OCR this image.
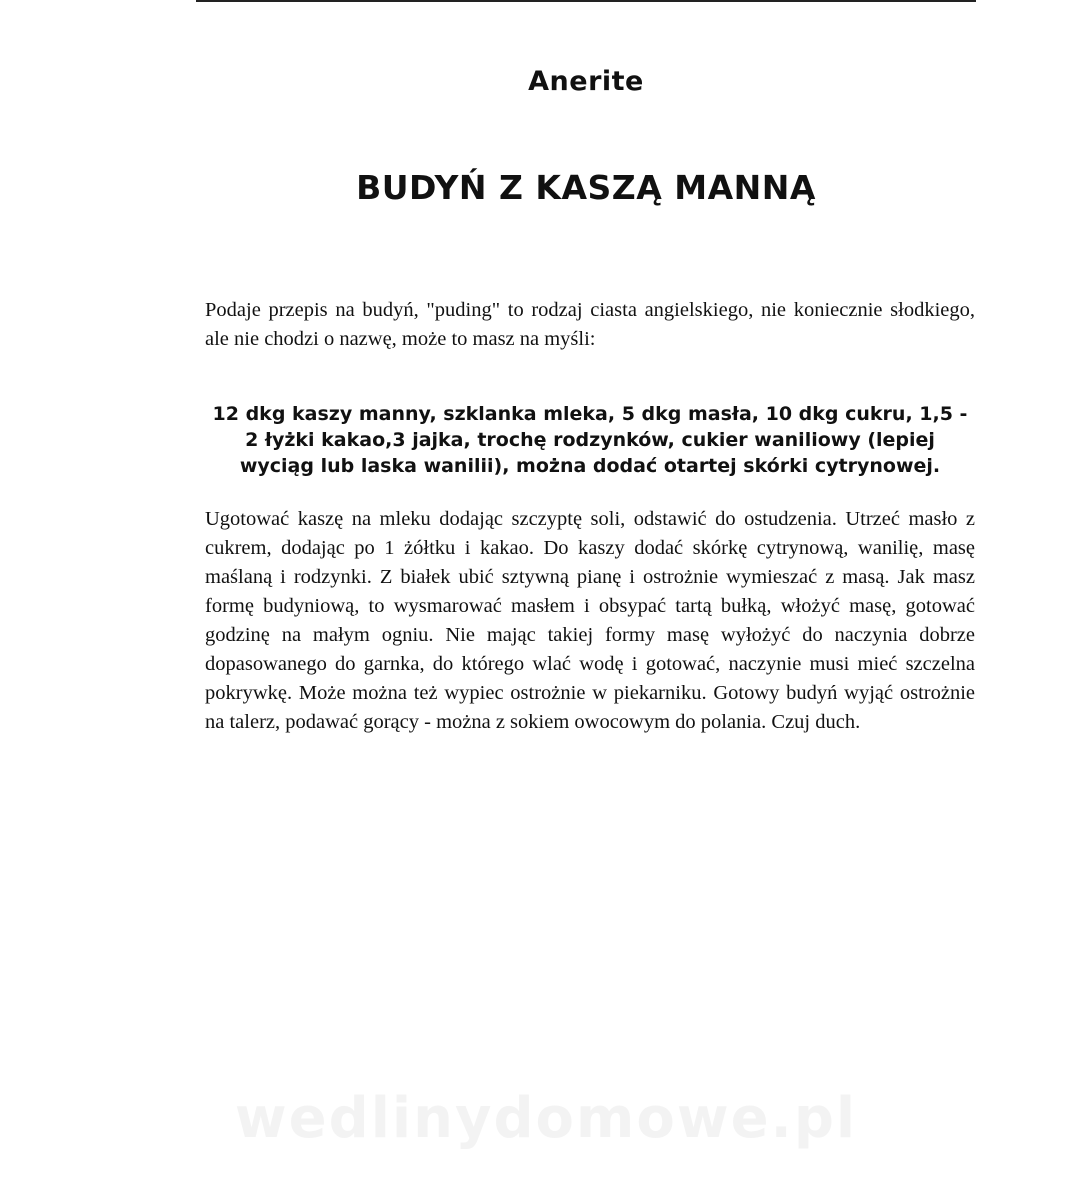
Anerite
BUDYŃ Z KASZĄ MANNĄ

Podaje przepis na budyń, "puding" to rodzaj ciasta angielskiego, nie koniecznie słodkiego, ale nie chodzi o nazwę, może to masz na myśli:

12 dkg kaszy manny, szklanka mleka, 5 dkg masła, 10 dkg cukru, 1,5 - 2 łyżki kakao,3 jajka, trochę rodzynków, cukier waniliowy (lepiej wyciąg lub laska wanilii), można dodać otartej skórki cytrynowej.

Ugotować kaszę na mleku dodając szczyptę soli, odstawić do ostudzenia. Utrzeć masło z cukrem, dodając po 1 żółtku i kakao. Do kaszy dodać skórkę cytrynową, wanilię, masę maślaną i rodzynki. Z białek ubić sztywną pianę i ostrożnie wymieszać z masą. Jak masz formę budyniową, to wysmarować masłem i obsypać tartą bułką, włożyć masę, gotować godzinę na małym ogniu. Nie mając takiej formy masę wyłożyć do naczynia dobrze dopasowanego do garnka, do którego wlać wodę i gotować, naczynie musi mieć szczelna pokrywkę. Może można też wypiec ostrożnie w piekarniku. Gotowy budyń wyjąć ostrożnie na talerz, podawać gorący - można z sokiem owocowym do polania. Czuj duch.

wedlinydomowe.pl
